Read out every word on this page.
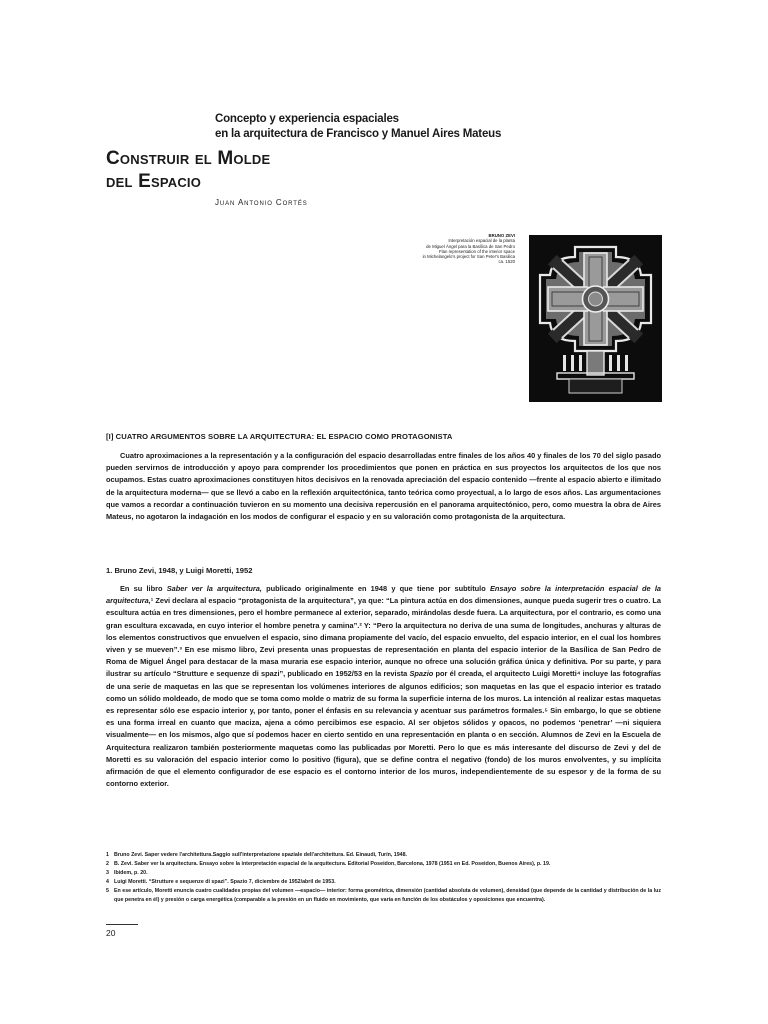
Concepto y experiencia espaciales
en la arquitectura de Francisco y Manuel Aires Mateus
Construir el Molde
del Espacio
Juan Antonio Cortés
BRUNO ZEVI
Interpretación espacial de la planta
de Miguel Ángel para la Basílica de San Pedro
Flan representation of the interior space
in Michelangelo's project for San Peter's Basilica
ca. 1520
[I] CUATRO ARGUMENTOS SOBRE LA ARQUITECTURA: EL ESPACIO COMO PROTAGONISTA

Cuatro aproximaciones a la representación y a la configuración del espacio desarrolladas entre finales de los años 40 y finales de los 70 del siglo pasado pueden servirnos de introducción y apoyo para comprender los procedimientos que ponen en práctica en sus proyectos los arquitectos de los que nos ocupamos. Estas cuatro aproximaciones constituyen hitos decisivos en la renovada apreciación del espacio contenido —frente al espacio abierto e ilimitado de la arquitectura moderna— que se llevó a cabo en la reflexión arquitectónica, tanto teórica como proyectual, a lo largo de esos años. Las argumentaciones que vamos a recordar a continuación tuvieron en su momento una decisiva repercusión en el panorama arquitectónico, pero, como muestra la obra de Aires Mateus, no agotaron la indagación en los modos de configurar el espacio y en su valoración como protagonista de la arquitectura.

1. Bruno Zevi, 1948, y Luigi Moretti, 1952

En su libro Saber ver la arquitectura, publicado originalmente en 1948 y que tiene por subtítulo Ensayo sobre la interpretación espacial de la arquitectura,¹ Zevi declara al espacio “protagonista de la arquitectura”, ya que: “La pintura actúa en dos dimensiones, aunque pueda sugerir tres o cuatro. La escultura actúa en tres dimensiones, pero el hombre permanece al exterior, separado, mirándolas desde fuera. La arquitectura, por el contrario, es como una gran escultura excavada, en cuyo interior el hombre penetra y camina”.² Y: “Pero la arquitectura no deriva de una suma de longitudes, anchuras y alturas de los elementos constructivos que envuelven el espacio, sino dimana propiamente del vacío, del espacio envuelto, del espacio interior, en el cual los hombres viven y se mueven”.³ En ese mismo libro, Zevi presenta unas propuestas de representación en planta del espacio interior de la Basílica de San Pedro de Roma de Miguel Ángel para destacar de la masa muraria ese espacio interior, aunque no ofrece una solución gráfica única y definitiva. Por su parte, y para ilustrar su artículo “Strutture e sequenze di spazi”, publicado en 1952/53 en la revista Spazio por él creada, el arquitecto Luigi Moretti⁴ incluye las fotografías de una serie de maquetas en las que se representan los volúmenes interiores de algunos edificios; son maquetas en las que el espacio interior es tratado como un sólido moldeado, de modo que se toma como molde o matriz de su forma la superficie interna de los muros. La intención al realizar estas maquetas es representar sólo ese espacio interior y, por tanto, poner el énfasis en su relevancia y acentuar sus parámetros formales.⁵ Sin embargo, lo que se obtiene es una forma irreal en cuanto que maciza, ajena a cómo percibimos ese espacio. Al ser objetos sólidos y opacos, no podemos ‘penetrar’ —ni siquiera visualmente— en los mismos, algo que sí podemos hacer en cierto sentido en una representación en planta o en sección. Alumnos de Zevi en la Escuela de Arquitectura realizaron también posteriormente maquetas como las publicadas por Moretti. Pero lo que es más interesante del discurso de Zevi y del de Moretti es su valoración del espacio interior como lo positivo (figura), que se define contra el negativo (fondo) de los muros envolventes, y su implícita afirmación de que el elemento configurador de ese espacio es el contorno interior de los muros, independientemente de su espesor y de la forma de su contorno exterior.

1 Bruno Zevi. Saper vedere l'architettura.Saggio sull'interpretazione spaziale dell'architettura. Ed. Einaudi, Turín, 1948.
2 B. Zevi. Saber ver la arquitectura. Ensayo sobre la interpretación espacial de la arquitectura. Editorial Poseidon, Barcelona, 1978 (1951 en Ed. Poseidon, Buenos Aires), p. 19.
3 Ibidem, p. 20.
4 Luigi Moretti. “Strutture e sequenze di spazi”. Spazio 7, diciembre de 1952/abril de 1953.
5 En ese artículo, Moretti enuncia cuatro cualidades propias del volumen —espacio— interior: forma geométrica, dimensión (cantidad absoluta de volumen), densidad (que depende de la cantidad y distribución de la luz que penetra en él) y presión o carga energética (comparable a la presión en un fluido en movimiento, que varía en función de los obstáculos y oposiciones que encuentra).
20
